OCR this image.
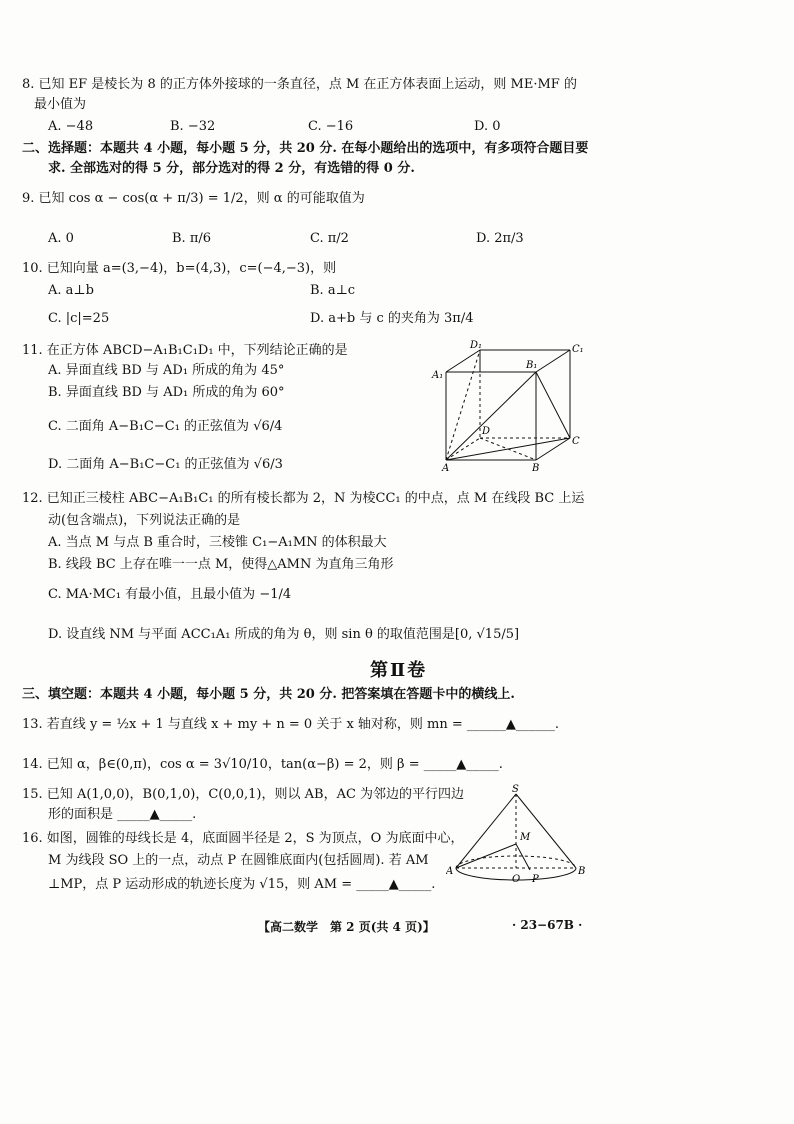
8. 已知 EF 是棱长为 8 的正方体外接球的一条直径，点 M 在正方体表面上运动，则 ME·MF 的
最小值为
A. −48	B. −32	C. −16	D. 0
二、选择题：本题共 4 小题，每小题 5 分，共 20 分. 在每小题给出的选项中，有多项符合题目要
求. 全部选对的得 5 分，部分选对的得 2 分，有选错的得 0 分.
9. 已知 cos α − cos(α + π/3) = 1/2，则 α 的可能取值为
A. 0	B. π/6	C. π/2	D. 2π/3
10. 已知向量 a=(3,−4)，b=(4,3)，c=(−4,−3)，则
A. a⊥b	B. a⊥c
C. |c|=25	D. a+b 与 c 的夹角为 3π/4
11. 在正方体 ABCD−A₁B₁C₁D₁ 中，下列结论正确的是
A. 异面直线 BD 与 AD₁ 所成的角为 45°
B. 异面直线 BD 与 AD₁ 所成的角为 60°
C. 二面角 A−B₁C−C₁ 的正弦值为 √6/4
D. 二面角 A−B₁C−C₁ 的正弦值为 √6/3
D₁	C₁
A₁
B₁
D
C
A	B
12. 已知正三棱柱 ABC−A₁B₁C₁ 的所有棱长都为 2，N 为棱CC₁ 的中点，点 M 在线段 BC 上运
动(包含端点)，下列说法正确的是
A. 当点 M 与点 B 重合时，三棱锥 C₁−A₁MN 的体积最大
B. 线段 BC 上存在唯一一点 M，使得△AMN 为直角三角形
C. MA·MC₁ 有最小值，且最小值为 −1/4
D. 设直线 NM 与平面 ACC₁A₁ 所成的角为 θ，则 sin θ 的取值范围是[0, √15/5]
第Ⅱ卷
三、填空题：本题共 4 小题，每小题 5 分，共 20 分. 把答案填在答题卡中的横线上.
13. 若直线 y = ½x + 1 与直线 x + my + n = 0 关于 x 轴对称，则 mn = ______▲______.
14. 已知 α，β∈(0,π)，cos α = 3√10/10，tan(α−β) = 2，则 β = _____▲_____.
15. 已知 A(1,0,0)，B(0,1,0)，C(0,0,1)，则以 AB，AC 为邻边的平行四边
形的面积是 _____▲_____.
16. 如图，圆锥的母线长是 4，底面圆半径是 2，S 为顶点，O 为底面中心，
M 为线段 SO 上的一点，动点 P 在圆锥底面内(包括圆周). 若 AM
⊥MP，点 P 运动形成的轨迹长度为 √15，则 AM = _____▲_____.
S
M
A	B
O P
【高二数学　第 2 页(共 4 页)】	· 23−67B ·
